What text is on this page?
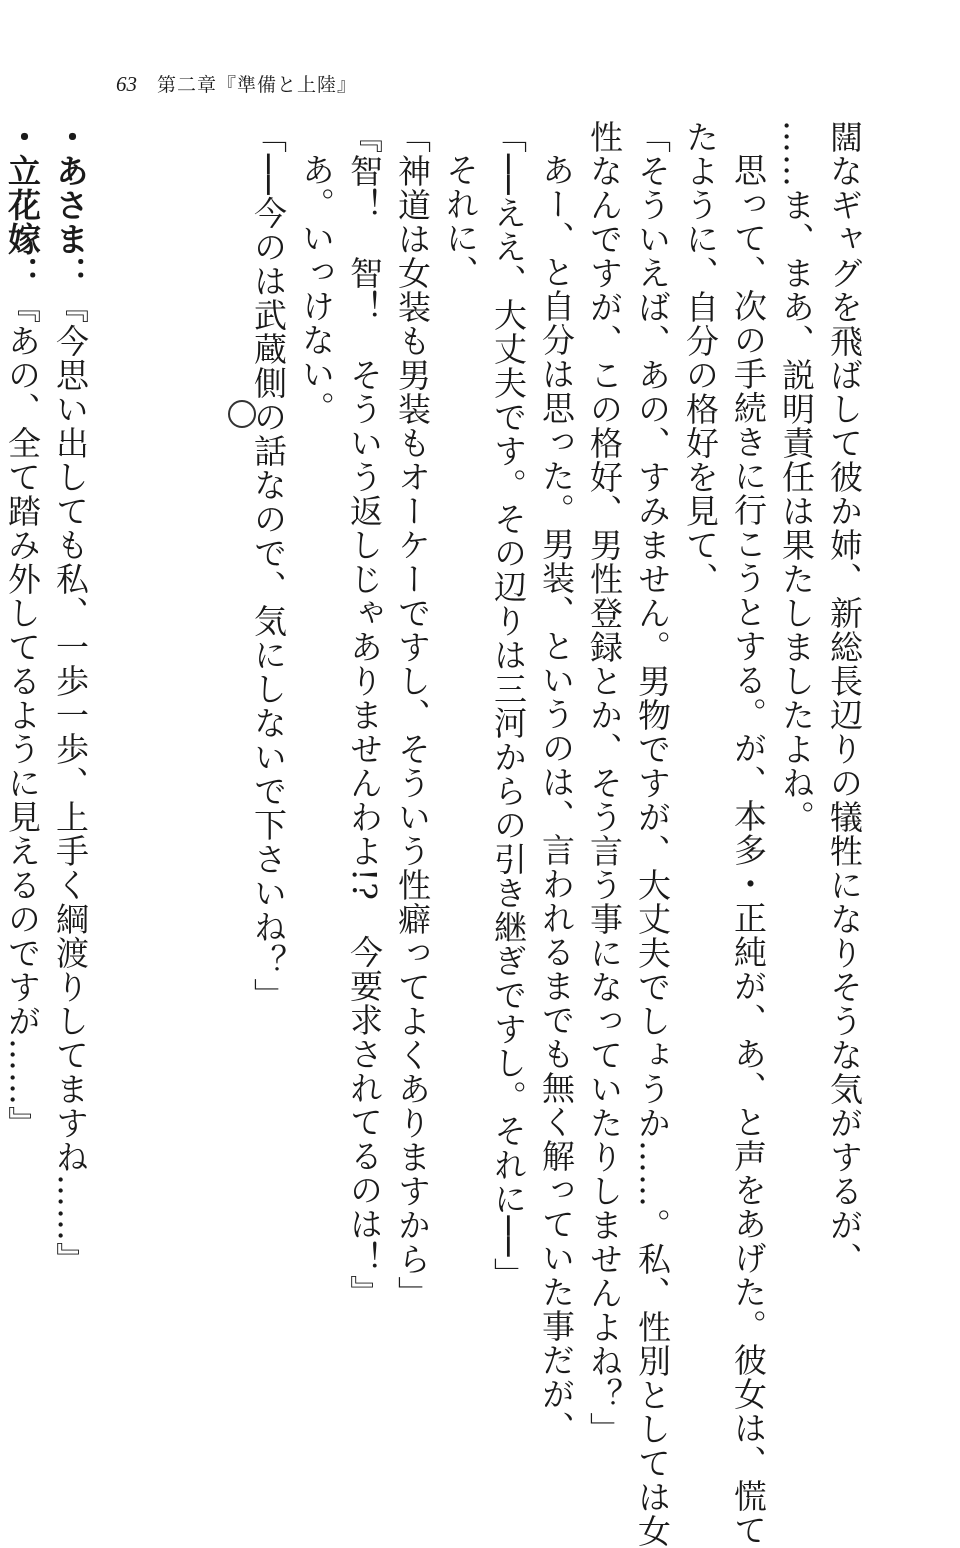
63 第二章『準備と上陸』

闊なギャグを飛ばして彼か姉、新総長辺りの犠牲になりそうな気がするが、

……ま、まあ、説明責任は果たしましたよね。

思って、次の手続きに行こうとする。が、本多・正純が、あ、と声をあげた。彼女は、慌て

たように、自分の格好を見て、

「そういえば、あの、すみません。男物ですが、大丈夫でしょうか……。私、性別としては女

性なんですが、この格好、男性登録とか、そう言う事になっていたりしませんよね？」

あー、と自分は思った。男装、というのは、言われるまでも無く解っていた事だが、

「──ええ、大丈夫です。その辺りは三河からの引き継ぎですし。それに──」

それに、

「神道は女装も男装もオーケーですし、そういう性癖ってよくありますから」

『智！　智！　そういう返しじゃありませんわよ!?　今要求されてるのは！』

あ。いっけない。

「──今のは武蔵側の話なので、気にしないで下さいね？」

・あさま：『今思い出しても私、一歩一歩、上手く綱渡りしてますね……』

・立花嫁：『あの、全て踏み外してるように見えるのですが……』
